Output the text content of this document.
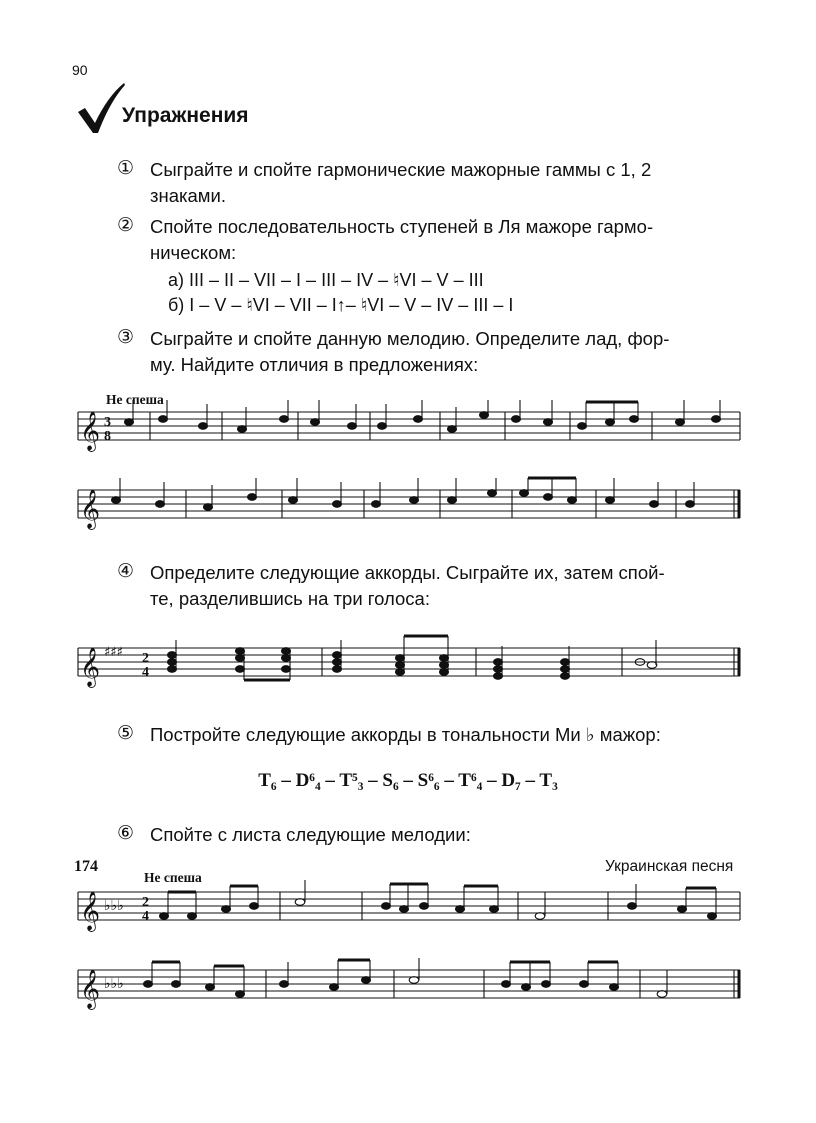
90
Упражнения
① Сыграйте и спойте гармонические мажорные гаммы с 1, 2
знаками.
② Спойте последовательность ступеней в Ля мажоре гармо-
ническом:
а) III – II – VII – I – III – IV – ♮VI – V – III
б) I – V – ♮VI – VII – I↑– ♮VI – V – IV – III – I
③ Сыграйте и спойте данную мелодию. Определите лад, фор-
му. Найдите отличия в предложениях:
Не спеша
𝄞 3
8
𝄞
④ Определите следующие аккорды. Сыграйте их, затем спой-
те, разделившись на три голоса:
𝄞 ♯♯♯ 2
4
⑤ Постройте следующие аккорды в тональности Ми ♭ мажор:
T₆ – D⁶₄ – T⁵₃ – S₆ – S⁶₆ – T⁶₄ – D₇ – T₃
⑥ Спойте с листа следующие мелодии:
174
Не спеша
Украинская песня
𝄞 ♭♭♭ 2
4
𝄞 ♭♭♭
